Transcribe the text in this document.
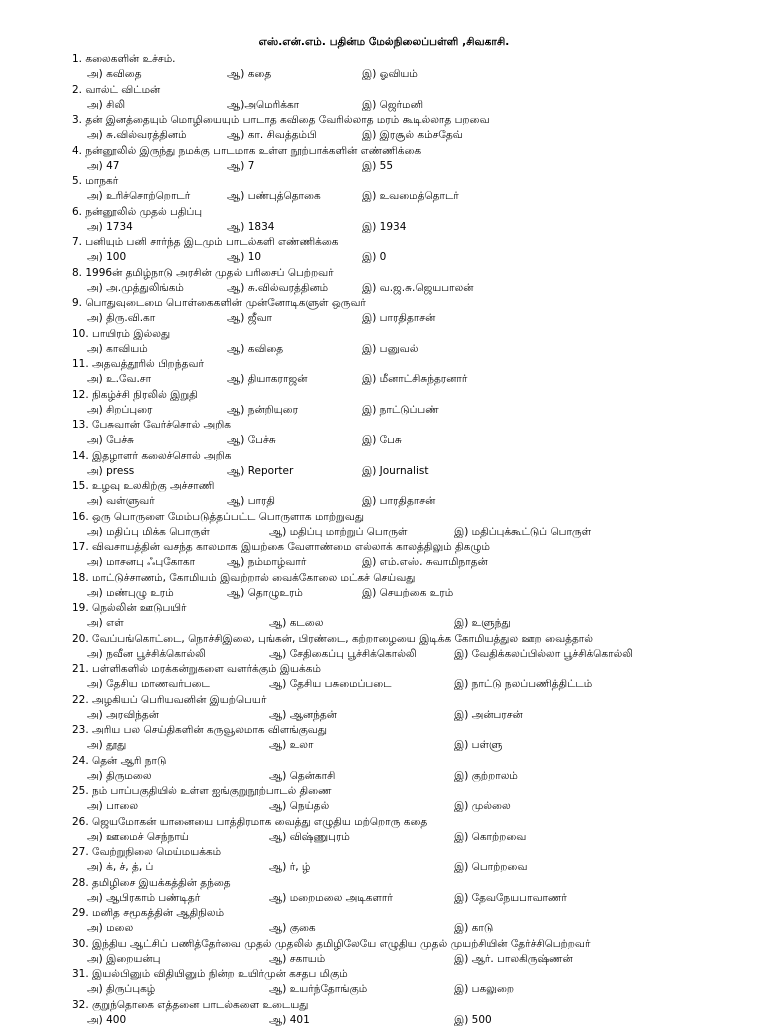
எஸ்.என்.எம். பதின்ம மேல்நிலைப்பள்ளி ,சிவகாசி.
1. கலைகளின் உச்சம்.
அ) கவிதை	ஆ) கதை	இ) ஓவியம்
2. வால்ட் விட்மன்
அ) சிலி	ஆ)அமெரிக்கா	இ) ஜெர்மனி
3. தன் இனத்தையும் மொழியையும் பாடாத கவிதை வேரில்லாத மரம் கூடில்லாத பறவை
அ) சு.வில்வரத்தினம்	ஆ) கா. சிவத்தம்பி	இ) இரசூல் கம்சதேவ்
4. நன்னூலில் இருந்து நமக்கு பாடமாக உள்ள நூற்பாக்களின் எண்ணிக்கை
அ) 47	ஆ) 7	இ) 55
5. மாநகர்
அ) உரிச்சொற்றொடர்	ஆ) பண்புத்தொகை	இ) உவமைத்தொடர்
6. நன்னூலில் முதல் பதிப்பு
அ) 1734	ஆ) 1834	இ) 1934
7. பனியும் பனி சார்ந்த இடமும் பாடல்களி எண்ணிக்கை
அ) 100	ஆ) 10	இ) 0
8. 1996ன் தமிழ்நாடு அரசின் முதல் பரிசைப் பெற்றவர்
அ) அ.முத்துலிங்கம்	ஆ) சு.வில்வரத்தினம்	இ) வ.ஜ.சு.ஜெயபாலன்
9. பொதுவுடைமை பொள்கைகளின் முன்னோடிகளுள் ஒருவர்
அ) திரு.வி.கா	ஆ) ஜீவா	இ) பாரதிதாசன்
10. பாயிரம் இல்லது
அ) காவியம்	ஆ) கவிதை	இ) பனுவல்
11. அதவத்தூரில் பிறந்தவர்
அ) உ.வே.சா	ஆ) தியாகராஜன்	இ) மீனாட்சிசுந்தரனார்
12. நிகழ்ச்சி நிரலில் இறுதி
அ) சிறப்புரை	ஆ) நன்றியுரை	இ) நாட்டுப்பண்
13. பேசுவான் வேர்ச்சொல் அறிக
அ) பேச்சு	ஆ) பேச்சு	இ) பேசு
14. இதழாளர் கலைச்சொல் அறிக
அ) press	ஆ) Reporter	இ) Journalist
15. உழவு உலகிற்கு அச்சாணி
அ) வள்ளுவர்	ஆ) பாரதி	இ) பாரதிதாசன்
16. ஒரு பொருளை மேம்படுத்தப்பட்ட பொருளாக மாற்றுவது
அ) மதிப்பு மிக்க பொருள்	ஆ) மதிப்பு மாற்றுப் பொருள்	இ) மதிப்புக்கூட்டுப் பொருள்
17. விவசாயத்தின் வசந்த காலமாக இயற்கை வேளாண்மை எல்லாக் காலத்திலும் திகழும்
அ) மாசனபு ஃபுகோகா	ஆ) நம்மாழ்வார்	இ) எம்.எஸ். சுவாமிநாதன்
18. மாட்டுச்சாணம், கோமியம் இவற்றால் வைக்கோலை மட்கச் செய்வது
அ) மண்புழு உரம்	ஆ) தொழுஉரம்	இ) செயற்கை உரம்
19. நெல்லின் ஊடுபயிர்
அ) எள்	ஆ) கடலை	இ) உளுந்து
20. வேப்பங்கொட்டை, நொச்சிஇலை, புங்கன், பிரண்டை, கற்றாழையை இடிக்க கோமியத்துல ஊற வைத்தால்
அ) நவீன பூச்சிக்கொல்லி	ஆ) சேதிகைப்பு பூச்சிக்கொல்லி	இ) வேதிக்கலப்பில்லா பூச்சிக்கொல்லி
21. பள்ளிகளில் மரக்கன்றுகளை வளர்க்கும் இயக்கம்
அ) தேசிய மாணவர்படை	ஆ) தேசிய பசுமைப்படை	இ) நாட்டு நலப்பணித்திட்டம்
22. அழகியப் பெரியவனின் இயற்பெயர்
அ) அரவிந்தன்	ஆ) ஆனந்தன்	இ) அன்பரசன்
23. அரிய பல செய்திகளின் கருவூலமாக விளங்குவது
அ) தூது	ஆ) உலா	இ) பள்ளு
24. தென் ஆரி நாடு
அ) திருமலை	ஆ) தென்காசி	இ) குற்றாலம்
25. நம் பாப்பகுதியில் உள்ள ஐங்குறுநூற்பாடல் திணை
அ) பாலை	ஆ) நெய்தல்	இ) முல்லை
26. ஜெயமோகன் யானையை பாத்திரமாக வைத்து எழுதிய மற்றொரு கதை
அ) ஊமைச் செந்நாய்	ஆ) விஷ்ணுபுரம்	இ) கொற்றவை
27. வேற்றுநிலை மெய்மயக்கம்
அ) க், ச், த், ப்	ஆ) ர், ழ்	இ) பொற்றவை
28. தமிழிசை இயக்கத்தின் தந்தை
அ) ஆபிரகாம் பண்டிதர்	ஆ) மறைமலை அடிகளார்	இ) தேவநேயபாவாணர்
29. மனித சமூகத்தின் ஆதிநிலம்
அ) மலை	ஆ) குகை	இ) காடு
30. இந்திய ஆட்சிப் பணித்தேர்வை முதல் முதலில் தமிழிலேயே எழுதிய முதல் முயற்சியின் தேர்ச்சிபெற்றவர்
அ) இறையன்பு	ஆ) சகாயம்	இ) ஆர். பாலகிருஷ்ணன்
31. இயல்பினும் விதியினும் நின்ற உயிர்முன் கசதப மிகும்
அ) திருப்புகழ்	ஆ) உயர்ந்தோங்கும்	இ) பகலுறை
32. குறுந்தொகை எத்தனை பாடல்களை உடையது
அ) 400	ஆ) 401	இ) 500
